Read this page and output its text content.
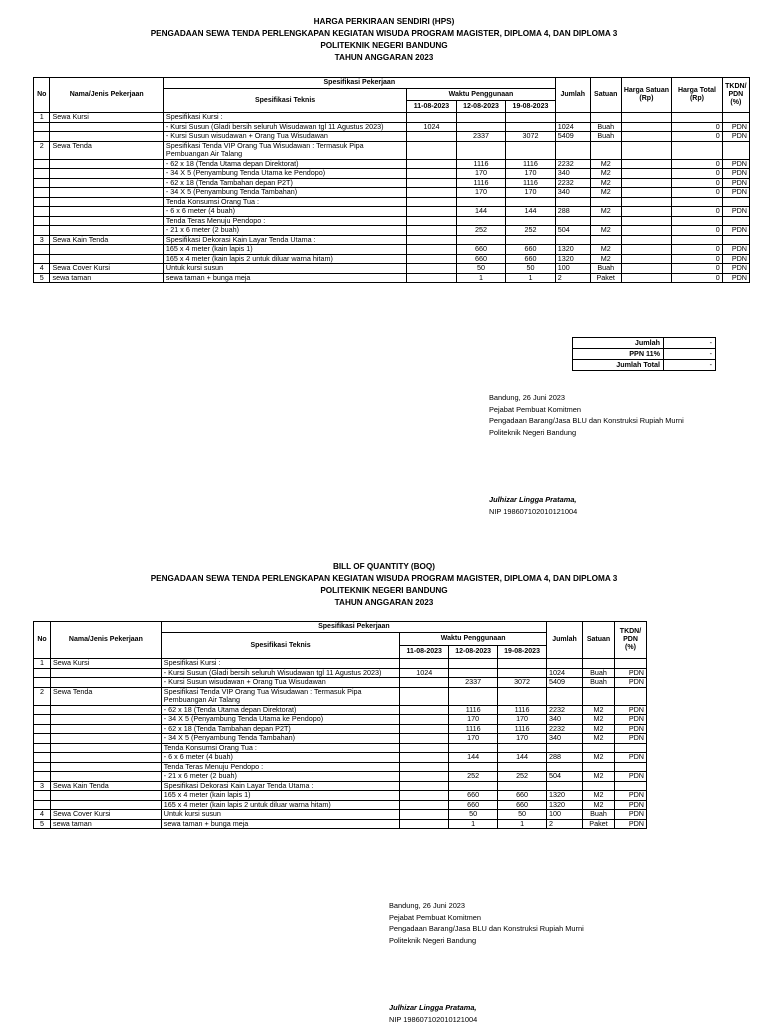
HARGA PERKIRAAN SENDIRI (HPS)
PENGADAAN SEWA TENDA PERLENGKAPAN KEGIATAN WISUDA PROGRAM MAGISTER, DIPLOMA 4, DAN DIPLOMA 3
POLITEKNIK NEGERI BANDUNG
TAHUN ANGGARAN 2023
No	Nama/Jenis Pekerjaan	Spesifikasi Pekerjaan				Jumlah	Satuan	Harga Satuan (Rp)	Harga Total (Rp)	TKDN/ PDN (%)
		Spesifikasi Teknis	Waktu Penggunaan							
			11-08-2023	12-08-2023	19-08-2023					
1	Sewa Kursi	Spesifikasi Kursi :								
		- Kursi Susun (Gladi bersih seluruh Wisudawan tgl 11 Agustus 2023)	1024			1024	Buah		0	PDN
		- Kursi Susun wisudawan + Orang Tua Wisudawan		2337	3072	5409	Buah		0	PDN
2	Sewa Tenda	Spesifikasi Tenda VIP Orang Tua Wisudawan : Termasuk Pipa Pembuangan Air Talang								
		- 62 x 18 (Tenda Utama depan Direktorat)		1116	1116	2232	M2		0	PDN
		- 34 X 5 (Penyambung Tenda Utama ke Pendopo)		170	170	340	M2		0	PDN
		- 62 x 18 (Tenda Tambahan depan P2T)		1116	1116	2232	M2		0	PDN
		- 34 X 5 (Penyambung Tenda Tambahan)		170	170	340	M2		0	PDN
		Tenda Konsumsi Orang Tua :								
		- 6 x 6 meter (4 buah)		144	144	288	M2		0	PDN
		Tenda Teras Menuju Pendopo :								
		- 21 x 6 meter (2 buah)		252	252	504	M2		0	PDN
3	Sewa Kain Tenda	Spesifikasi Dekorasi Kain Layar Tenda Utama :								
		165 x 4 meter (kain lapis 1)		660	660	1320	M2		0	PDN
		165 x 4 meter (kain lapis 2 untuk diluar warna hitam)		660	660	1320	M2		0	PDN
4	Sewa Cover Kursi	Untuk kursi susun		50	50	100	Buah		0	PDN
5	sewa taman	sewa taman + bunga meja		1	1	2	Paket		0	PDN
Jumlah	-
PPN 11%	-
Jumlah Total	-
Bandung, 26 Juni 2023
Pejabat Pembuat Komitmen
Pengadaan Barang/Jasa BLU dan Konstruksi Rupiah Murni
Politeknik Negeri Bandung
Julhizar Lingga Pratama,
NIP 198607102010121004
BILL OF QUANTITY (BOQ)
PENGADAAN SEWA TENDA PERLENGKAPAN KEGIATAN WISUDA PROGRAM MAGISTER, DIPLOMA 4, DAN DIPLOMA 3
POLITEKNIK NEGERI BANDUNG
TAHUN ANGGARAN 2023
No	Nama/Jenis Pekerjaan	Spesifikasi Pekerjaan				Jumlah	Satuan	TKDN/ PDN (%)
		Spesifikasi Teknis	Waktu Penggunaan					
			11-08-2023	12-08-2023	19-08-2023			
1	Sewa Kursi	Spesifikasi Kursi :						
		- Kursi Susun (Gladi bersih seluruh Wisudawan tgl 11 Agustus 2023)	1024			1024	Buah	PDN
		- Kursi Susun wisudawan + Orang Tua Wisudawan		2337	3072	5409	Buah	PDN
2	Sewa Tenda	Spesifikasi Tenda VIP Orang Tua Wisudawan : Termasuk Pipa Pembuangan Air Talang						
		- 62 x 18 (Tenda Utama depan Direktorat)		1116	1116	2232	M2	PDN
		- 34 X 5 (Penyambung Tenda Utama ke Pendopo)		170	170	340	M2	PDN
		- 62 x 18 (Tenda Tambahan depan P2T)		1116	1116	2232	M2	PDN
		- 34 X 5 (Penyambung Tenda Tambahan)		170	170	340	M2	PDN
		Tenda Konsumsi Orang Tua :						
		- 6 x 6 meter (4 buah)		144	144	288	M2	PDN
		Tenda Teras Menuju Pendopo :						
		- 21 x 6 meter (2 buah)		252	252	504	M2	PDN
3	Sewa Kain Tenda	Spesifikasi Dekorasi Kain Layar Tenda Utama :						
		165 x 4 meter (kain lapis 1)		660	660	1320	M2	PDN
		165 x 4 meter (kain lapis 2 untuk diluar warna hitam)		660	660	1320	M2	PDN
4	Sewa Cover Kursi	Untuk kursi susun		50	50	100	Buah	PDN
5	sewa taman	sewa taman + bunga meja		1	1	2	Paket	PDN
Bandung, 26 Juni 2023
Pejabat Pembuat Komitmen
Pengadaan Barang/Jasa BLU dan Konstruksi Rupiah Murni
Politeknik Negeri Bandung
Julhizar Lingga Pratama,
NIP 198607102010121004
